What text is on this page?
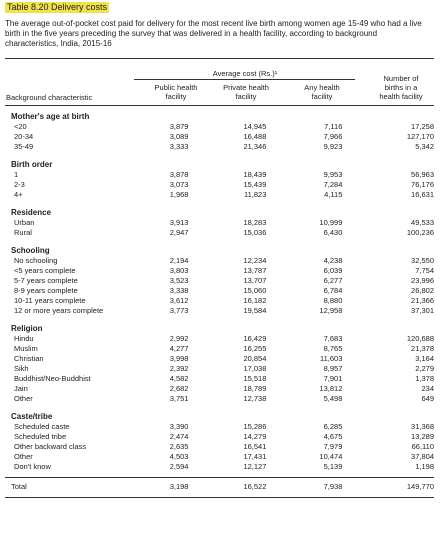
Table 8.20 Delivery costs
The average out-of-pocket cost paid for delivery for the most recent live birth among women age 15-49 who had a live birth in the five years preceding the survey that was delivered in a health facility, according to background characteristics, India, 2015-16
Average cost (Rs.)¹
Public health
facility
Private health
facility
Any health
facility
Number of
births in a
health facility
Background characteristic
Mother's age at birth							
<20	3,879		14,945		7,116		17,258
20-34	3,089		16,488		7,966		127,170
35-49	3,333		21,346		9,923		5,342

Birth order							
1	3,878		18,439		9,953		56,963
2-3	3,073		15,439		7,284		76,176
4+	1,968		11,823		4,115		16,631

Residence							
Urban	3,913		18,283		10,999		49,533
Rural	2,947		15,036		6,430		100,236

Schooling							
No schooling	2,194		12,234		4,238		32,550
<5 years complete	3,803		13,787		6,039		7,754
5-7 years complete	3,523		13,707		6,277		23,996
8-9 years complete	3,338		15,060		6,784		26,802
10-11 years complete	3,612		16,182		8,880		21,366
12 or more years complete	3,773		19,584		12,958		37,301

Religion							
Hindu	2,992		16,429		7,683		120,688
Muslim	4,277		16,255		8,765		21,378
Christian	3,998		20,854		11,603		3,164
Sikh	2,392		17,038		8,957		2,279
Buddhist/Neo-Buddhist	4,582		15,518		7,901		1,378
Jain	2,682		18,789		13,812		234
Other	3,751		12,738		5,498		649

Caste/tribe							
Scheduled caste	3,390		15,286		6,285		31,368
Scheduled tribe	2,474		14,279		4,675		13,289
Other backward class	2,635		16,541		7,979		66,110
Other	4,503		17,431		10,474		37,804
Don't know	2,594		12,127		5,139		1,198

Total	3,198		16,522		7,938		149,770
